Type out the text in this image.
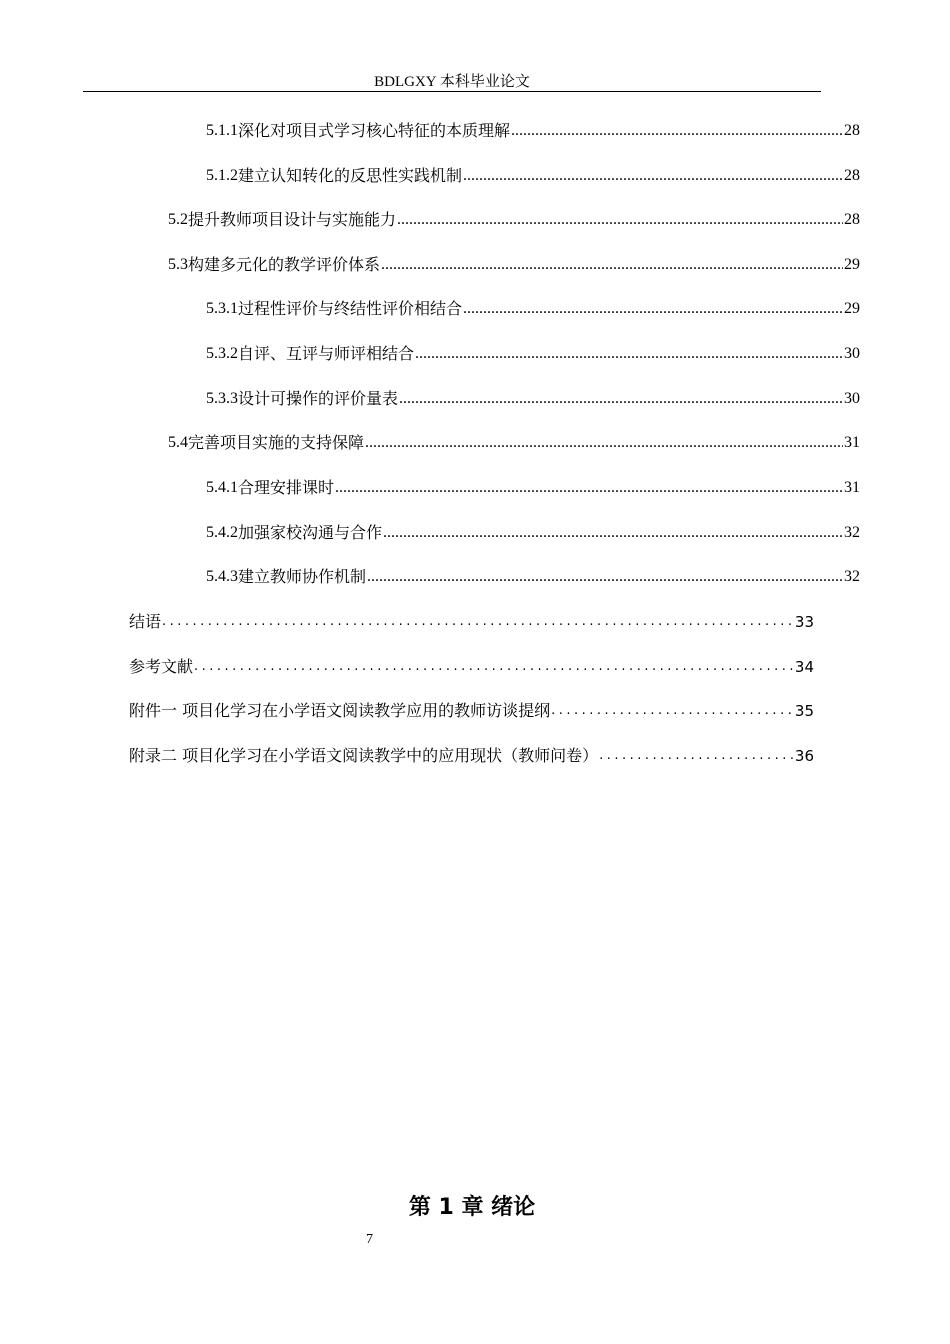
BDLGXY 本科毕业论文
5.1.1 深化对项目式学习核心特征的本质理解 .....	28
5.1.2 建立认知转化的反思性实践机制 .....	28
5.2 提升教师项目设计与实施能力 .....	28
5.3 构建多元化的教学评价体系 .....	29
5.3.1 过程性评价与终结性评价相结合 .....	29
5.3.2 自评、互评与师评相结合 .....	30
5.3.3 设计可操作的评价量表 .....	30
5.4 完善项目实施的支持保障 .....	31
5.4.1 合理安排课时 .....	31
5.4.2 加强家校沟通与合作 .....	32
5.4.3 建立教师协作机制 .....	32
结语 .....	33
参考文献 .....	34
附件一 项目化学习在小学语文阅读教学应用的教师访谈提纲 .....	35
附录二 项目化学习在小学语文阅读教学中的应用现状（教师问卷） .....	36
第 1 章 绪论
7
